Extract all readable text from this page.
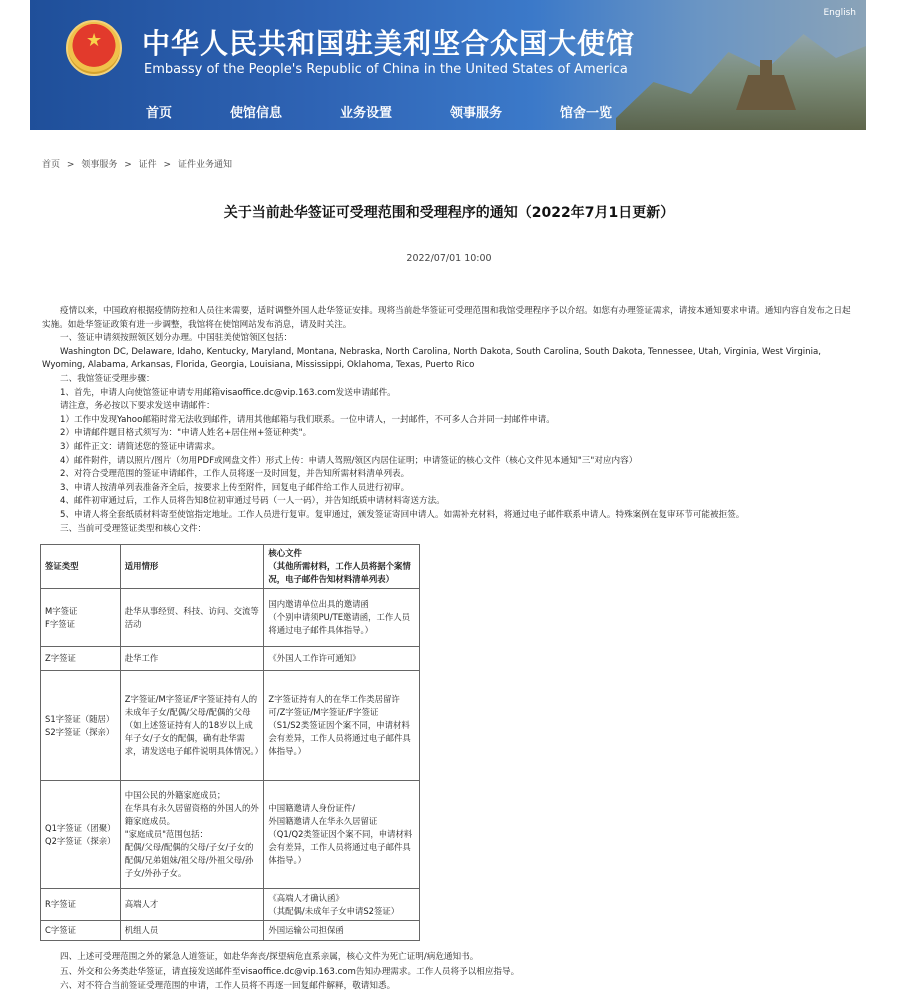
★ 中华人民共和国驻美利坚合众国大使馆
Embassy of the People's Republic of China in the United States of America
English
首页	使馆信息	业务设置	领事服务	馆舍一览
首页 > 领事服务 > 证件 > 证件业务通知
关于当前赴华签证可受理范围和受理程序的通知（2022年7月1日更新）
2022/07/01 10:00

疫情以来，中国政府根据疫情防控和人员往来需要，适时调整外国人赴华签证安排。现将当前赴华签证可受理范围和我馆受理程序予以介绍。如您有办理签证需求，请按本通知要求申请。通知内容自发布之日起实施。如赴华签证政策有进一步调整，我馆将在使馆网站发布消息，请及时关注。

一、签证申请须按照领区划分办理。中国驻美使馆领区包括：

Washington DC, Delaware, Idaho, Kentucky, Maryland, Montana, Nebraska, North Carolina, North Dakota, South Carolina, South Dakota, Tennessee, Utah, Virginia, West Virginia, Wyoming, Alabama, Arkansas, Florida, Georgia, Louisiana, Mississippi, Oklahoma, Texas, Puerto Rico

二、我馆签证受理步骤：

1、首先，申请人向使馆签证申请专用邮箱visaoffice.dc@vip.163.com发送申请邮件。

请注意，务必按以下要求发送申请邮件：

1）工作中发现Yahoo邮箱时常无法收到邮件，请用其他邮箱与我们联系。一位申请人，一封邮件，不可多人合并同一封邮件申请。

2）申请邮件题目格式须写为："申请人姓名+居住州+签证种类"。

3）邮件正文：请简述您的签证申请需求。

4）邮件附件，请以照片/图片（勿用PDF或网盘文件）形式上传：申请人驾照/领区内居住证明；申请签证的核心文件（核心文件见本通知"三"对应内容）

2、对符合受理范围的签证申请邮件，工作人员将逐一及时回复，并告知所需材料清单列表。

3、申请人按清单列表准备齐全后，按要求上传至附件，回复电子邮件给工作人员进行初审。

4、邮件初审通过后，工作人员将告知8位初审通过号码（一人一码），并告知纸质申请材料寄送方法。

5、申请人将全套纸质材料寄至使馆指定地址。工作人员进行复审。复审通过，颁发签证寄回申请人。如需补充材料，将通过电子邮件联系申请人。特殊案例在复审环节可能被拒签。

三、当前可受理签证类型和核心文件：

签证类型	适用情形	核心文件
（其他所需材料，工作人员将据个案情况，电子邮件告知材料清单列表）
M字签证
F字签证	赴华从事经贸、科技、访问、交流等活动	国内邀请单位出具的邀请函
（个别申请须PU/TE邀请函，工作人员将通过电子邮件具体指导。）
Z字签证	赴华工作	《外国人工作许可通知》
S1字签证（随居）
S2字签证（探亲）	Z字签证/M字签证/F字签证持有人的未成年子女/配偶/父母/配偶的父母
（如上述签证持有人的18岁以上成年子女/子女的配偶，确有赴华需求，请发送电子邮件说明具体情况。）	Z字签证持有人的在华工作类居留许可/Z字签证/M字签证/F字签证
（S1/S2类签证因个案不同，申请材料会有差异，工作人员将通过电子邮件具体指导。）
Q1字签证（团聚）
Q2字签证（探亲）	中国公民的外籍家庭成员；
在华具有永久居留资格的外国人的外籍家庭成员。
"家庭成员"范围包括：
配偶/父母/配偶的父母/子女/子女的配偶/兄弟姐妹/祖父母/外祖父母/孙子女/外孙子女。	中国籍邀请人身份证件/
外国籍邀请人在华永久居留证
（Q1/Q2类签证因个案不同，申请材料会有差异，工作人员将通过电子邮件具体指导。）
R字签证	高端人才	《高端人才确认函》
（其配偶/未成年子女申请S2签证）
C字签证	机组人员	外国运输公司担保函

四、上述可受理范围之外的紧急人道签证，如赴华奔丧/探望病危直系亲属，核心文件为死亡证明/病危通知书。

五、外交和公务类赴华签证，请直接发送邮件至visaoffice.dc@vip.163.com告知办理需求。工作人员将予以相应指导。

六、对不符合当前签证受理范围的申请，工作人员将不再逐一回复邮件解释，敬请知悉。
